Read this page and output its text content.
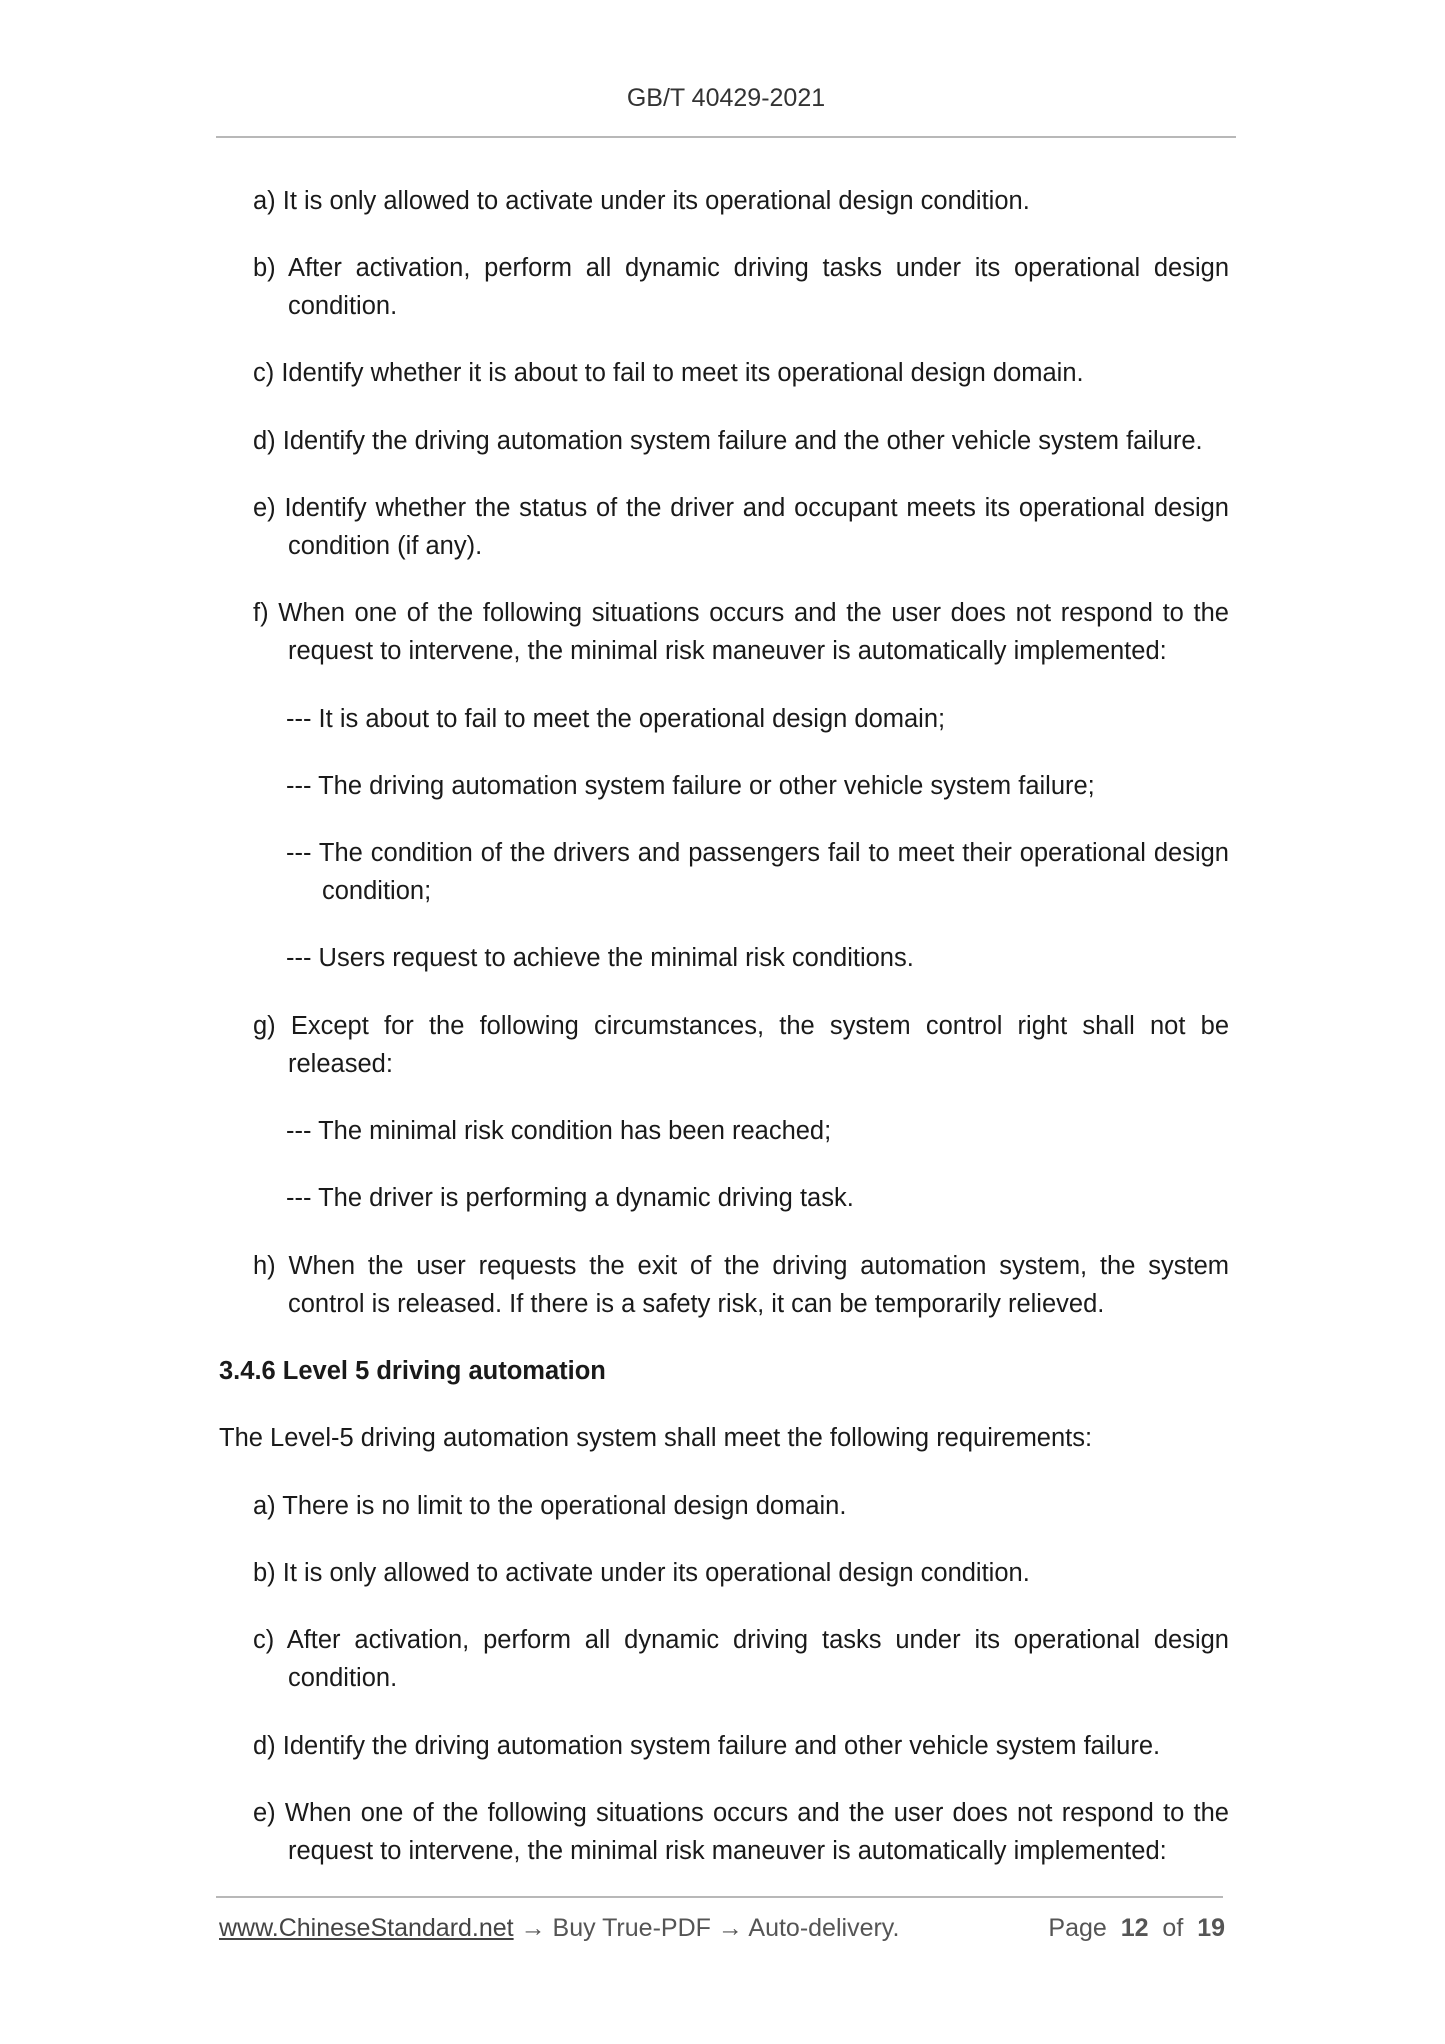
GB/T 40429-2021

a) It is only allowed to activate under its operational design condition.

b) After activation, perform all dynamic driving tasks under its operational design condition.

c) Identify whether it is about to fail to meet its operational design domain.

d) Identify the driving automation system failure and the other vehicle system failure.

e) Identify whether the status of the driver and occupant meets its operational design condition (if any).

f) When one of the following situations occurs and the user does not respond to the request to intervene, the minimal risk maneuver is automatically implemented:

--- It is about to fail to meet the operational design domain;

--- The driving automation system failure or other vehicle system failure;

--- The condition of the drivers and passengers fail to meet their operational design condition;

--- Users request to achieve the minimal risk conditions.

g) Except for the following circumstances, the system control right shall not be released:

--- The minimal risk condition has been reached;

--- The driver is performing a dynamic driving task.

h) When the user requests the exit of the driving automation system, the system control is released. If there is a safety risk, it can be temporarily relieved.

3.4.6 Level 5 driving automation

The Level-5 driving automation system shall meet the following requirements:

a) There is no limit to the operational design domain.

b) It is only allowed to activate under its operational design condition.

c) After activation, perform all dynamic driving tasks under its operational design condition.

d) Identify the driving automation system failure and other vehicle system failure.

e) When one of the following situations occurs and the user does not respond to the request to intervene, the minimal risk maneuver is automatically implemented:

www.ChineseStandard.net → Buy True-PDF → Auto-delivery.	Page 12 of 19
